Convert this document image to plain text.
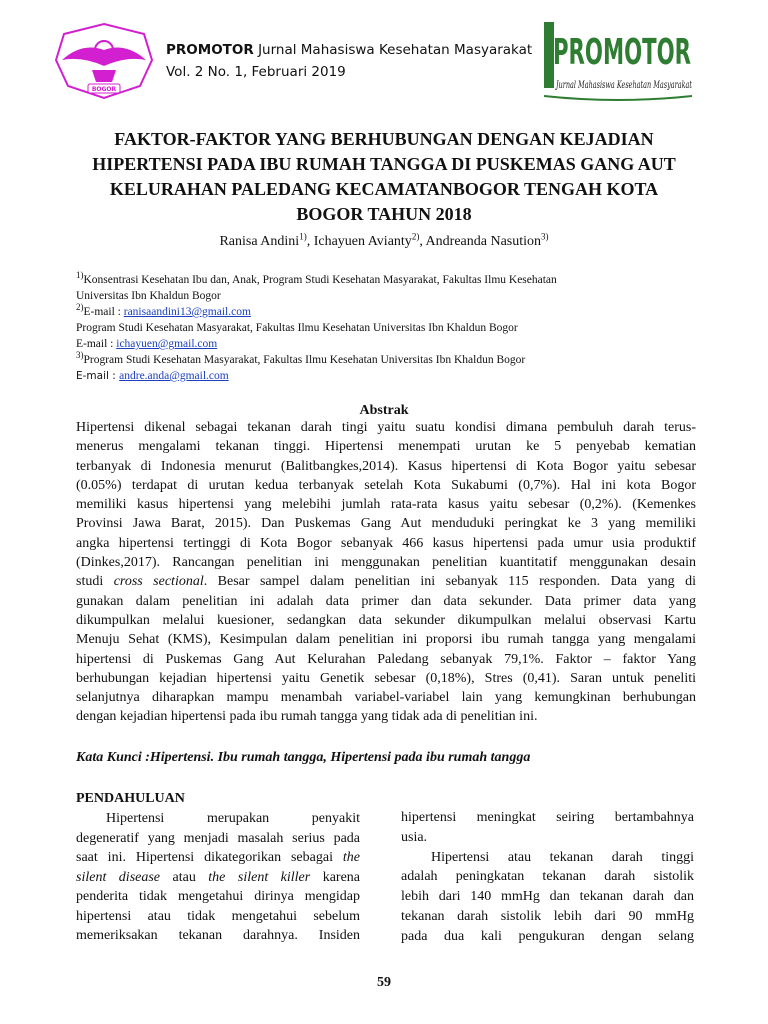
BOGOR
PROMOTOR Jurnal Mahasiswa Kesehatan Masyarakat
Vol. 2 No. 1, Februari 2019	PROMOTOR
Jurnal Mahasiswa Kesehatan Masyarakat
FAKTOR-FAKTOR YANG BERHUBUNGAN DENGAN KEJADIAN
HIPERTENSI PADA IBU RUMAH TANGGA DI PUSKEMAS GANG AUT
KELURAHAN PALEDANG KECAMATANBOGOR TENGAH KOTA
BOGOR TAHUN 2018
Ranisa Andini$^{1)}$, Ichayuen Avianty$^{2)}$, Andreanda Nasution$^{3)}$
$^{1)}$Konsentrasi Kesehatan Ibu dan, Anak, Program Studi Kesehatan Masyarakat, Fakultas Ilmu Kesehatan
Universitas Ibn Khaldun Bogor
$^{2)}$E-mail : ranisaandini13@gmail.com
Program Studi Kesehatan Masyarakat, Fakultas Ilmu Kesehatan Universitas Ibn Khaldun Bogor
E-mail : ichayuen@gmail.com
$^{3)}$Program Studi Kesehatan Masyarakat, Fakultas Ilmu Kesehatan Universitas Ibn Khaldun Bogor
E-mail : andre.anda@gmail.com
Abstrak
Hipertensi dikenal sebagai tekanan darah tingi yaitu suatu kondisi dimana pembuluh darah terus-
menerus mengalami tekanan tinggi. Hipertensi menempati urutan ke 5 penyebab kematian
terbanyak di Indonesia menurut (Balitbangkes,2014). Kasus hipertensi di Kota Bogor yaitu sebesar
(0.05%) terdapat di urutan kedua terbanyak setelah Kota Sukabumi (0,7%). Hal ini kota Bogor
memiliki kasus hipertensi yang melebihi jumlah rata-rata kasus yaitu sebesar (0,2%). (Kemenkes
Provinsi Jawa Barat, 2015). Dan Puskemas Gang Aut menduduki peringkat ke 3 yang memiliki
angka hipertensi tertinggi di Kota Bogor sebanyak 466 kasus hipertensi pada umur usia produktif
(Dinkes,2017). Rancangan penelitian ini menggunakan penelitian kuantitatif menggunakan desain
studi cross sectional. Besar sampel dalam penelitian ini sebanyak 115 responden. Data yang di
gunakan dalam penelitian ini adalah data primer dan data sekunder. Data primer data yang
dikumpulkan melalui kuesioner, sedangkan data sekunder dikumpulkan melalui observasi Kartu
Menuju Sehat (KMS), Kesimpulan dalam penelitian ini proporsi ibu rumah tangga yang mengalami
hipertensi di Puskemas Gang Aut Kelurahan Paledang sebanyak 79,1%. Faktor – faktor Yang
berhubungan kejadian hipertensi yaitu Genetik sebesar (0,18%), Stres (0,41). Saran untuk peneliti
selanjutnya diharapkan mampu menambah variabel-variabel lain yang kemungkinan berhubungan
dengan kejadian hipertensi pada ibu rumah tangga yang tidak ada di penelitian ini.
Kata Kunci :Hipertensi. Ibu rumah tangga, Hipertensi pada ibu rumah tangga
PENDAHULUAN
Hipertensi merupakan penyakit
degeneratif yang menjadi masalah serius pada
saat ini. Hipertensi dikategorikan sebagai the
silent disease atau the silent killer karena
penderita tidak mengetahui dirinya mengidap
hipertensi atau tidak mengetahui sebelum
memeriksakan tekanan darahnya. Insiden
hipertensi meningkat seiring bertambahnya
usia.
Hipertensi atau tekanan darah tinggi
adalah peningkatan tekanan darah sistolik
lebih dari 140 mmHg dan tekanan darah dan
tekanan darah sistolik lebih dari 90 mmHg
pada dua kali pengukuran dengan selang
59
